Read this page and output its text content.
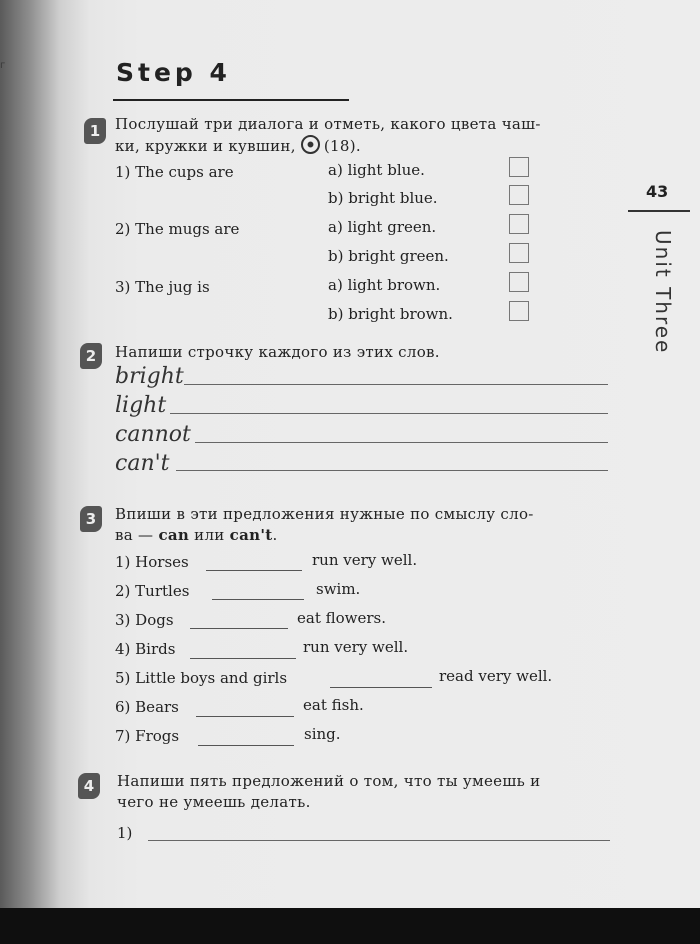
г	Step 4
43
Unit Three
1 Послушай три диалога и отметь, какого цвета чаш-
ки, кружки и кувшин, (18).
1) The cups are	a) light blue.
b) bright blue.
2) The mugs are	a) light green.
b) bright green.
3) The jug is	a) light brown.
b) bright brown.
2	Напиши строчку каждого из этих слов.
bright
light
cannot
can't
3	Впиши в эти предложения нужные по смыслу сло-
ва — can или can't.
1) Horses	run very well.
2) Turtles	swim.
3) Dogs	eat flowers.
4) Birds	run very well.
5) Little boys and girls	read very well.
6) Bears	eat fish.
7) Frogs	sing.
4	Напиши пять предложений о том, что ты умеешь и
чего не умеешь делать.
1)
